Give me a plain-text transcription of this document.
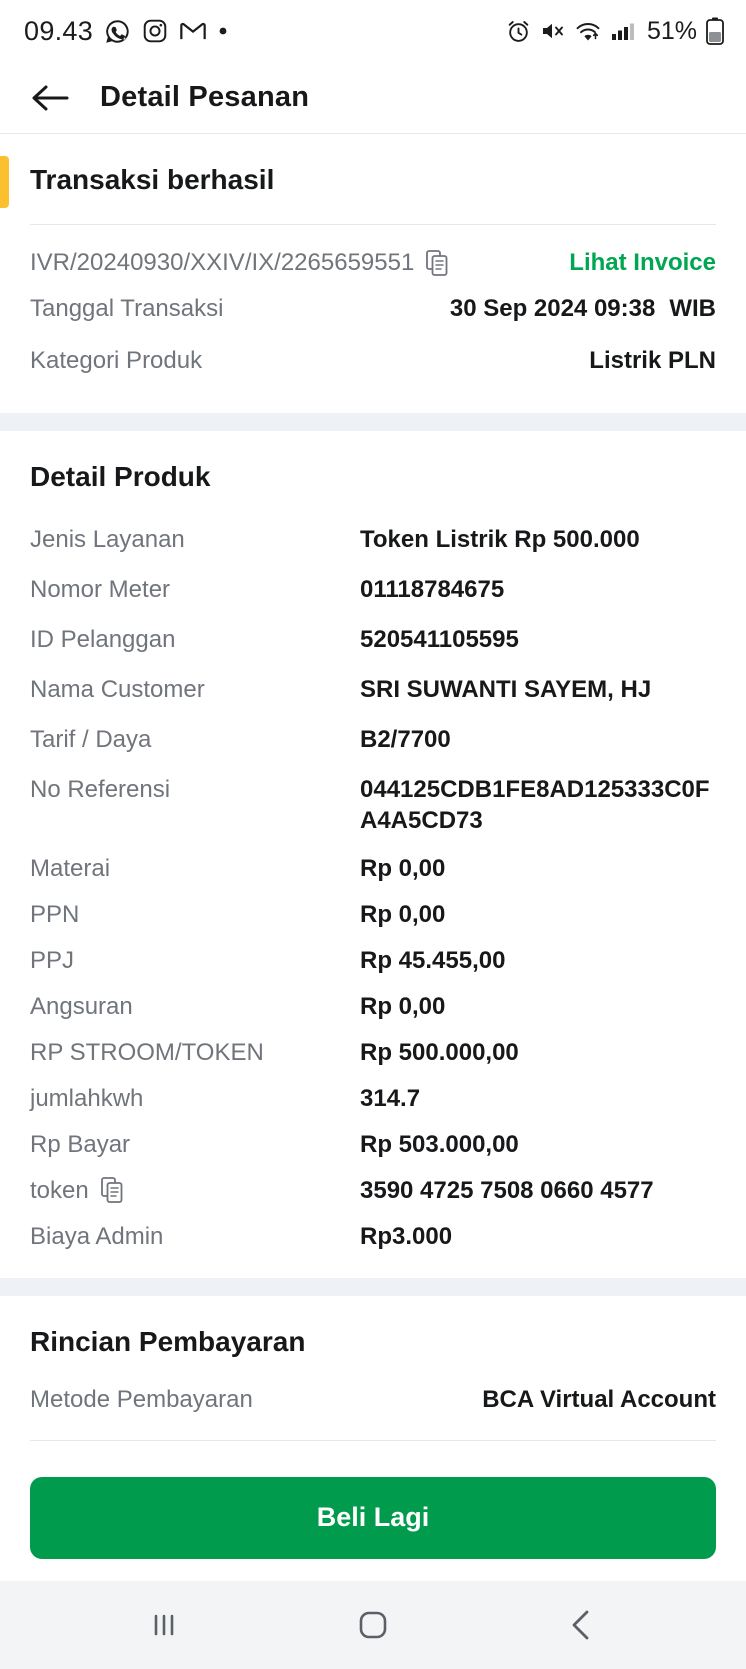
09.43	51%
Detail Pesanan
Transaksi berhasil
IVR/20240930/XXIV/IX/2265659551	Lihat Invoice
Tanggal Transaksi	30 Sep 2024 09:38 WIB
Kategori Produk	Listrik PLN
Detail Produk
Jenis Layanan	Token Listrik Rp 500.000
Nomor Meter	01118784675
ID Pelanggan	520541105595
Nama Customer	SRI SUWANTI SAYEM, HJ
Tarif / Daya	B2/7700
No Referensi	044125CDB1FE8AD125333C0FA4A5CD73
Materai	Rp 0,00
PPN	Rp 0,00
PPJ	Rp 45.455,00
Angsuran	Rp 0,00
RP STROOM/TOKEN	Rp 500.000,00
jumlahkwh	314.7
Rp Bayar	Rp 503.000,00
token	3590 4725 7508 0660 4577
Biaya Admin	Rp3.000
Rincian Pembayaran
Metode Pembayaran	BCA Virtual Account
Beli Lagi
